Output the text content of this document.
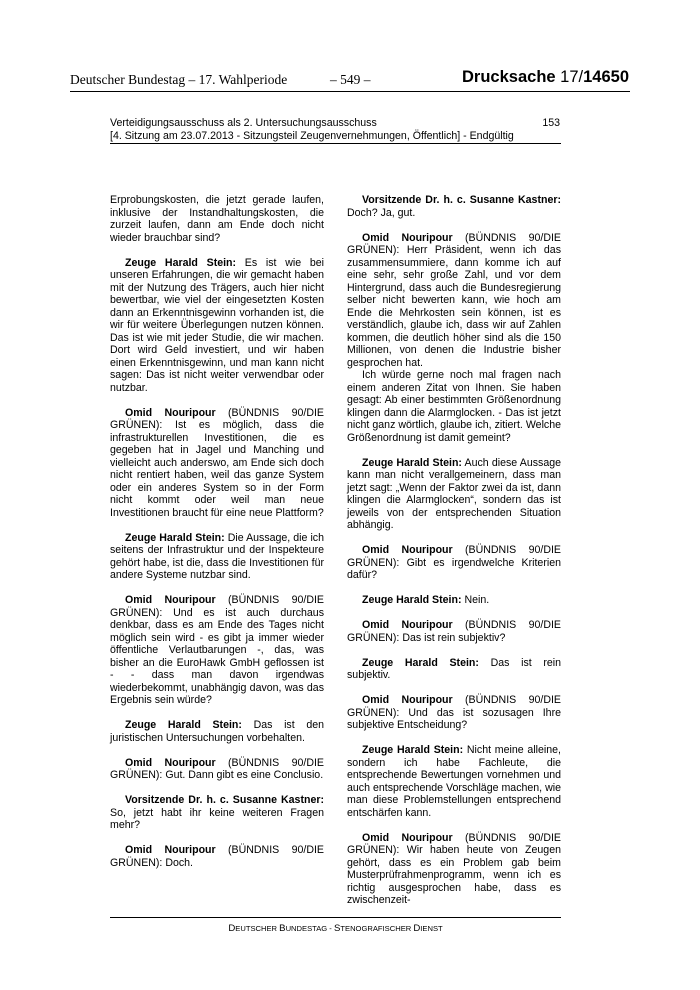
Deutscher Bundestag – 17. Wahlperiode	– 549 –	Drucksache 17/14650
Verteidigungsausschuss als 2. Untersuchungsausschuss	153
[4. Sitzung am 23.07.2013 - Sitzungsteil Zeugenvernehmungen, Öffentlich] - Endgültig

Erprobungskosten, die jetzt gerade laufen, inklusive der Instandhaltungskosten, die zurzeit laufen, dann am Ende doch nicht wieder brauchbar sind?

Zeuge Harald Stein: Es ist wie bei unseren Erfahrungen, die wir gemacht haben mit der Nutzung des Trägers, auch hier nicht bewertbar, wie viel der eingesetzten Kosten dann an Erkenntnisgewinn vorhanden ist, die wir für weitere Überlegungen nutzen können. Das ist wie mit jeder Studie, die wir machen. Dort wird Geld investiert, und wir haben einen Erkenntnisgewinn, und man kann nicht sagen: Das ist nicht weiter verwendbar oder nutzbar.

Omid Nouripour (BÜNDNIS 90/DIE GRÜNEN): Ist es möglich, dass die infrastrukturellen Investitionen, die es gegeben hat in Jagel und Manching und vielleicht auch anderswo, am Ende sich doch nicht rentiert haben, weil das ganze System oder ein anderes System so in der Form nicht kommt oder weil man neue Investitionen braucht für eine neue Plattform?

Zeuge Harald Stein: Die Aussage, die ich seitens der Infrastruktur und der Inspekteure gehört habe, ist die, dass die Investitionen für andere Systeme nutzbar sind.

Omid Nouripour (BÜNDNIS 90/DIE GRÜNEN): Und es ist auch durchaus denkbar, dass es am Ende des Tages nicht möglich sein wird - es gibt ja immer wieder öffentliche Verlautbarungen -, das, was bisher an die EuroHawk GmbH geflossen ist - - dass man davon irgendwas wiederbekommt, unabhängig davon, was das Ergebnis sein würde?

Zeuge Harald Stein: Das ist den juristischen Untersuchungen vorbehalten.

Omid Nouripour (BÜNDNIS 90/DIE GRÜNEN): Gut. Dann gibt es eine Conclusio.

Vorsitzende Dr. h. c. Susanne Kastner: So, jetzt habt ihr keine weiteren Fragen mehr?

Omid Nouripour (BÜNDNIS 90/DIE GRÜNEN): Doch.

Vorsitzende Dr. h. c. Susanne Kastner: Doch? Ja, gut.

Omid Nouripour (BÜNDNIS 90/DIE GRÜNEN): Herr Präsident, wenn ich das zusammensummiere, dann komme ich auf eine sehr, sehr große Zahl, und vor dem Hintergrund, dass auch die Bundesregierung selber nicht bewerten kann, wie hoch am Ende die Mehrkosten sein können, ist es verständlich, glaube ich, dass wir auf Zahlen kommen, die deutlich höher sind als die 150 Millionen, von denen die Industrie bisher gesprochen hat.

Ich würde gerne noch mal fragen nach einem anderen Zitat von Ihnen. Sie haben gesagt: Ab einer bestimmten Größenordnung klingen dann die Alarmglocken. - Das ist jetzt nicht ganz wörtlich, glaube ich, zitiert. Welche Größenordnung ist damit gemeint?

Zeuge Harald Stein: Auch diese Aussage kann man nicht verallgemeinern, dass man jetzt sagt: „Wenn der Faktor zwei da ist, dann klingen die Alarmglocken“, sondern das ist jeweils von der entsprechenden Situation abhängig.

Omid Nouripour (BÜNDNIS 90/DIE GRÜNEN): Gibt es irgendwelche Kriterien dafür?

Zeuge Harald Stein: Nein.

Omid Nouripour (BÜNDNIS 90/DIE GRÜNEN): Das ist rein subjektiv?

Zeuge Harald Stein: Das ist rein subjektiv.

Omid Nouripour (BÜNDNIS 90/DIE GRÜNEN): Und das ist sozusagen Ihre subjektive Entscheidung?

Zeuge Harald Stein: Nicht meine alleine, sondern ich habe Fachleute, die entsprechende Bewertungen vornehmen und auch entsprechende Vorschläge machen, wie man diese Problemstellungen entsprechend entschärfen kann.

Omid Nouripour (BÜNDNIS 90/DIE GRÜNEN): Wir haben heute von Zeugen gehört, dass es ein Problem gab beim Musterprüfrahmenprogramm, wenn ich es richtig ausgesprochen habe, dass es zwischenzeit-

DEUTSCHER BUNDESTAG - STENOGRAFISCHER DIENST
